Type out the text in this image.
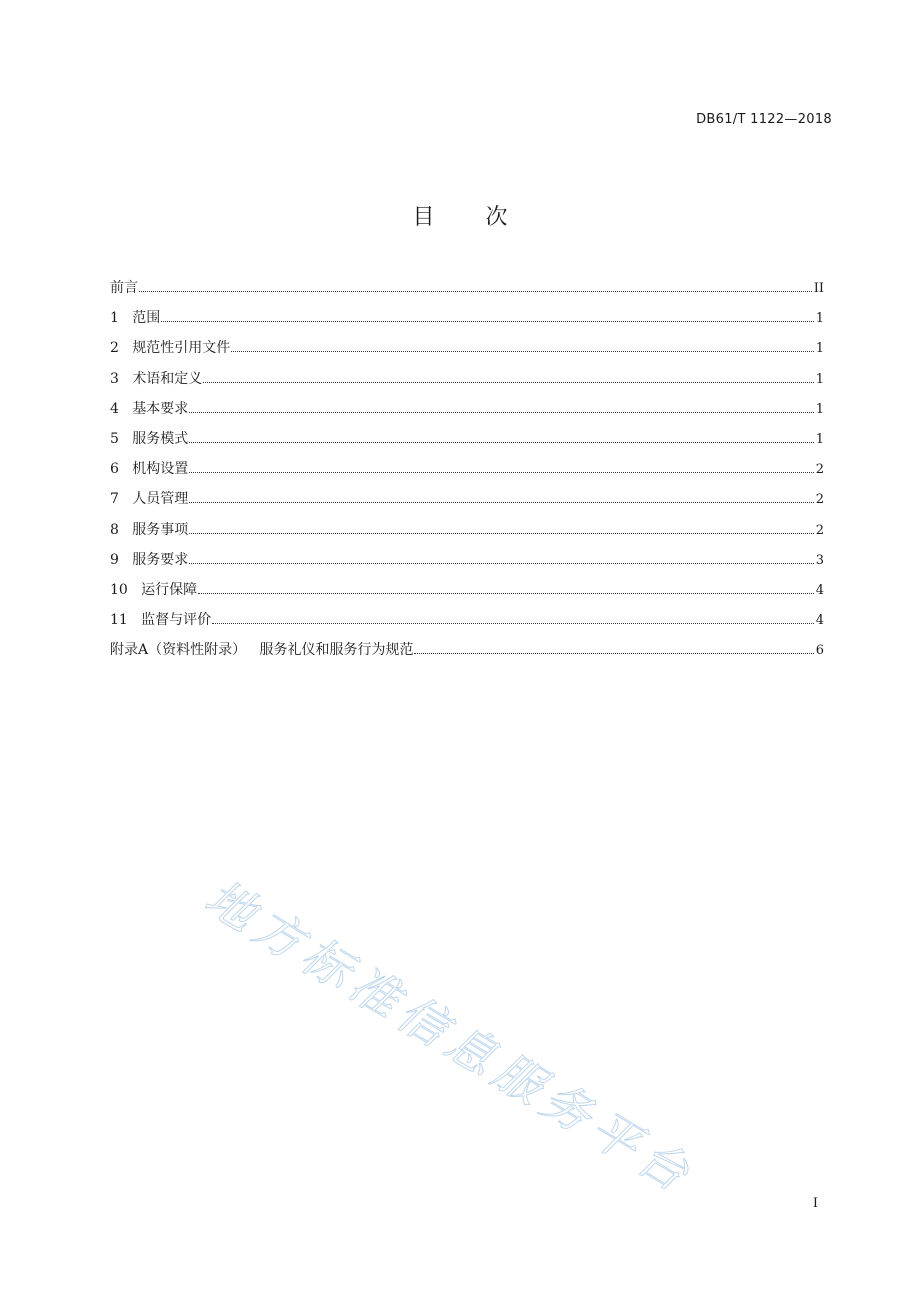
DB61/T 1122—2018
目 次
前言	II
1 范围	1
2 规范性引用文件	1
3 术语和定义	1
4 基本要求	1
5 服务模式	1
6 机构设置	2
7 人员管理	2
8 服务事项	2
9 服务要求	3
10 运行保障	4
11 监督与评价	4
附录A（资料性附录）   服务礼仪和服务行为规范	6
地方标准信息服务平台	I
